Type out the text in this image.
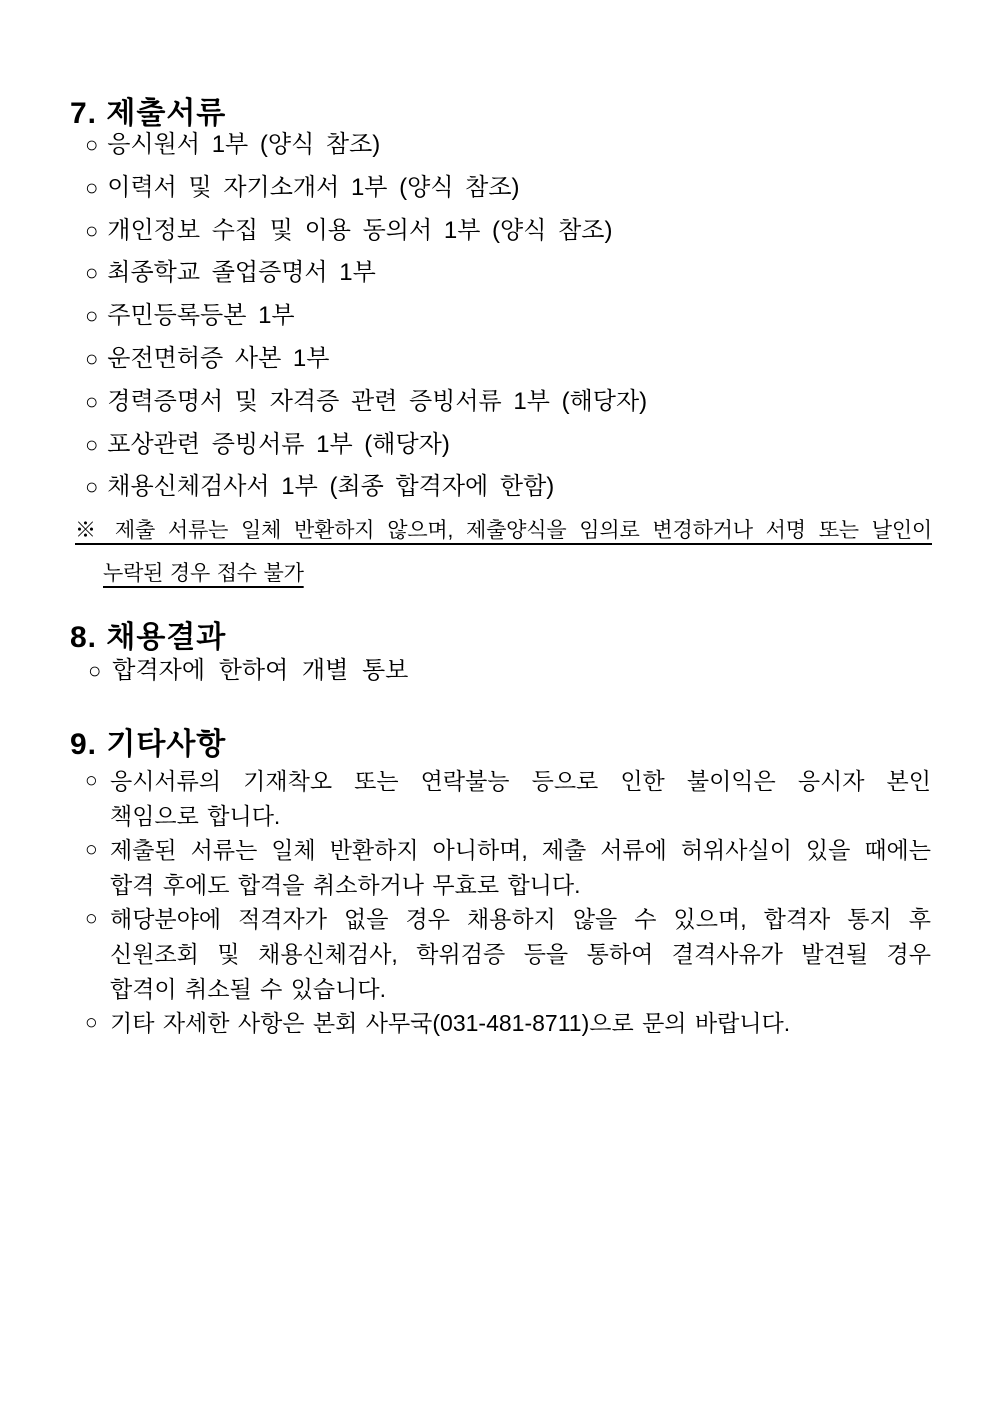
7. 제출서류
○ 응시원서 1부 (양식 참조)
○ 이력서 및 자기소개서 1부 (양식 참조)
○ 개인정보 수집 및 이용 동의서 1부 (양식 참조)
○ 최종학교 졸업증명서 1부
○ 주민등록등본 1부
○ 운전면허증 사본 1부
○ 경력증명서 및 자격증 관련 증빙서류 1부 (해당자)
○ 포상관련 증빙서류 1부 (해당자)
○ 채용신체검사서 1부 (최종 합격자에 한함)
※ 제출 서류는 일체 반환하지 않으며, 제출양식을 임의로 변경하거나 서명 또는 날인이
누락된 경우 접수 불가
8. 채용결과
○ 합격자에 한하여 개별 통보
9. 기타사항
○ 응시서류의 기재착오 또는 연락불능 등으로 인한 불이익은 응시자 본인
책임으로 합니다.
○ 제출된 서류는 일체 반환하지 아니하며, 제출 서류에 허위사실이 있을 때에는
합격 후에도 합격을 취소하거나 무효로 합니다.
○ 해당분야에 적격자가 없을 경우 채용하지 않을 수 있으며, 합격자 통지 후
신원조회 및 채용신체검사, 학위검증 등을 통하여 결격사유가 발견될 경우
합격이 취소될 수 있습니다.
○ 기타 자세한 사항은 본회 사무국(031-481-8711)으로 문의 바랍니다.
